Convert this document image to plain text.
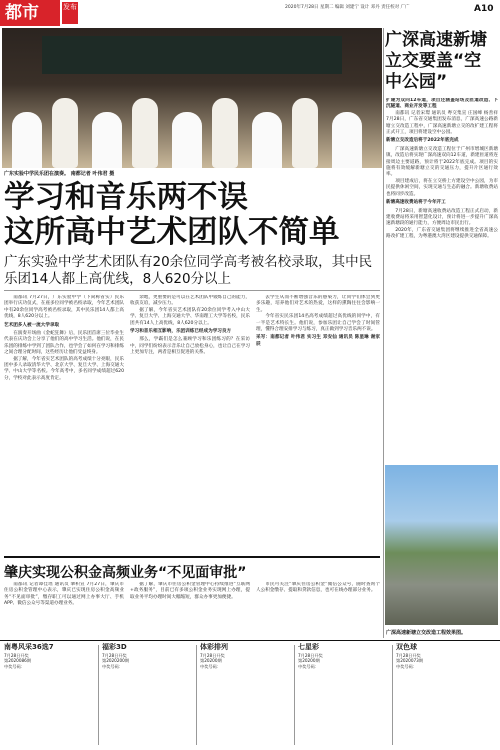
都市	发布	2020年7月28日 星期二 编辑 刘建宁 设计 邓丹 责任校对 广广	A10
广东实验中学民乐团在演奏。 南都记者 叶伟君 摄
学习和音乐两不误
这所高中艺术团队不简单
广东实验中学艺术团队有20余位同学高考被名校录取，其中民乐团14人都上高优线，8人620分以上

南都讯 7月27日，广东实验中学（下简称省实）民乐团举行庆功仪式，在座多位同学被名校录取，今年艺术团队中有20余位同学高考被名校录取，其中民乐团14人都上高优线，8人620分以上。

艺术团多人被一流大学录取

在演奏开场曲《金蛇狂舞》后，民乐团首席三位毕业生代表在庆功会上分享了他们的高中学习生活。他们说，在民乐团的排练中学到了团队合作，也学会了如何在学习和排练之间合理分配时间，这些经历让他们受益终身。

据了解，今年省实艺术团队的高考成绩十分亮眼，民乐团中多人录取清华大学、北京大学、复旦大学、上海交通大学、中山大学等名校。今年高考中，多名同学成绩超过620分，学校对此表示高度肯定。

余地，更重要的是可以在艺术团队中锻炼自己的能力，收获友谊，减少压力。

据了解，今年省实艺术团队有20余位同学考入中山大学、复旦大学、上海交通大学、华南理工大学等名校，民乐团共有14人上高优线，8人620分以上。

学习和音乐相互影响，乐团训练已经成为学习良方

那么，学霸们是怎么兼顾学习和乐团练习的？在采访中，同学们纷纷表示音乐让自己放松身心，也让自己在学习上更加专注，两者是相互促进的关系。

去学生从而不断增强音乐的感染力，让同学们体会到更多乐趣，培养他们对艺术的热爱，这样的熏陶往往会影响一生。

今年省实民乐团14名高考成绩超过高优线的同学中，有一半是艺术特长生。他们说，参加乐团让自己学会了时间管理，懂得合理安排学习与练习，真正做到学习音乐两不误。

采写：南都记者 叶伟君 实习生 邓安仙 通讯员 陈星琳 谢家辰

肇庆实现公积金高频业务“不见面审批”

南都讯 记者谭佳瑶 通讯员 肇积宣 7月27日，肇庆市住房公积金管理中心表示，肇庆已实现住房公积金高频业务“不见面审批”，缴存职工可以通过网上办事大厅、手机APP、微信公众号等渠道办理业务。

据了解，肇庆市住房公积金管理中心持续推进“互联网+政务服务”，目前已有多项公积金业务实现网上办理，提取业务平均办理时间大幅缩短，群众办事更加便捷。

市民可关注“肇庆住房公积金”微信公众号，随时查询个人公积金缴存、提取和贷款信息，也可在线办理部分业务。

广深高速新塘立交要盖“空中公园”

扩建为双向12车道，项目还涵盖站场及匝道改造、下沉隧道、商业开发等工程

南都讯 记者宋璟 通讯员 粤交集宣 庄国峰 杨善祥 7月28日，广东省交通集团发布消息，广深高速公路新塘立交改造工程中，广深高速新塘立交的改扩建工程将正式开工，项目将建设空中公园。

新塘立交改造后将于2022年底完成

广深高速新塘立交改造工程位于广州市增城区新塘镇，改造后将实现广深高速双向12车道，新建匝道将连接周边主要道路，预计将于2022年底完成。项目的实施将有效缓解新塘立交的交通压力，提升片区通行效率。

项目建成后，将在立交桥上方建设空中公园，为市民提供休闲空间，实现交通与生态的融合。新塘收费站也将同步改造。

新塘高速收费站将于今年开工

7月28日，新塘高速收费站改造工程正式启动，新建收费站将采用智慧化设计，预计将进一步提升广深高速新塘段的通行能力，方便周边市民出行。

2020年，广东省交通集团将继续推进全省高速公路改扩建工程，为粤港澳大湾区建设提供交通保障。

广深高速新塘立交改造工程效果图。
南粤风采36选7
7月28日开奖
第2020086期
中奖号码：
福彩3D
7月28日开奖
第2020200期
中奖号码：
体彩排列
7月28日开奖
第20200期
中奖号码：
七星彩
7月28日开奖
第20200期
中奖号码：
双色球
7月28日开奖
第2020073期
中奖号码：
